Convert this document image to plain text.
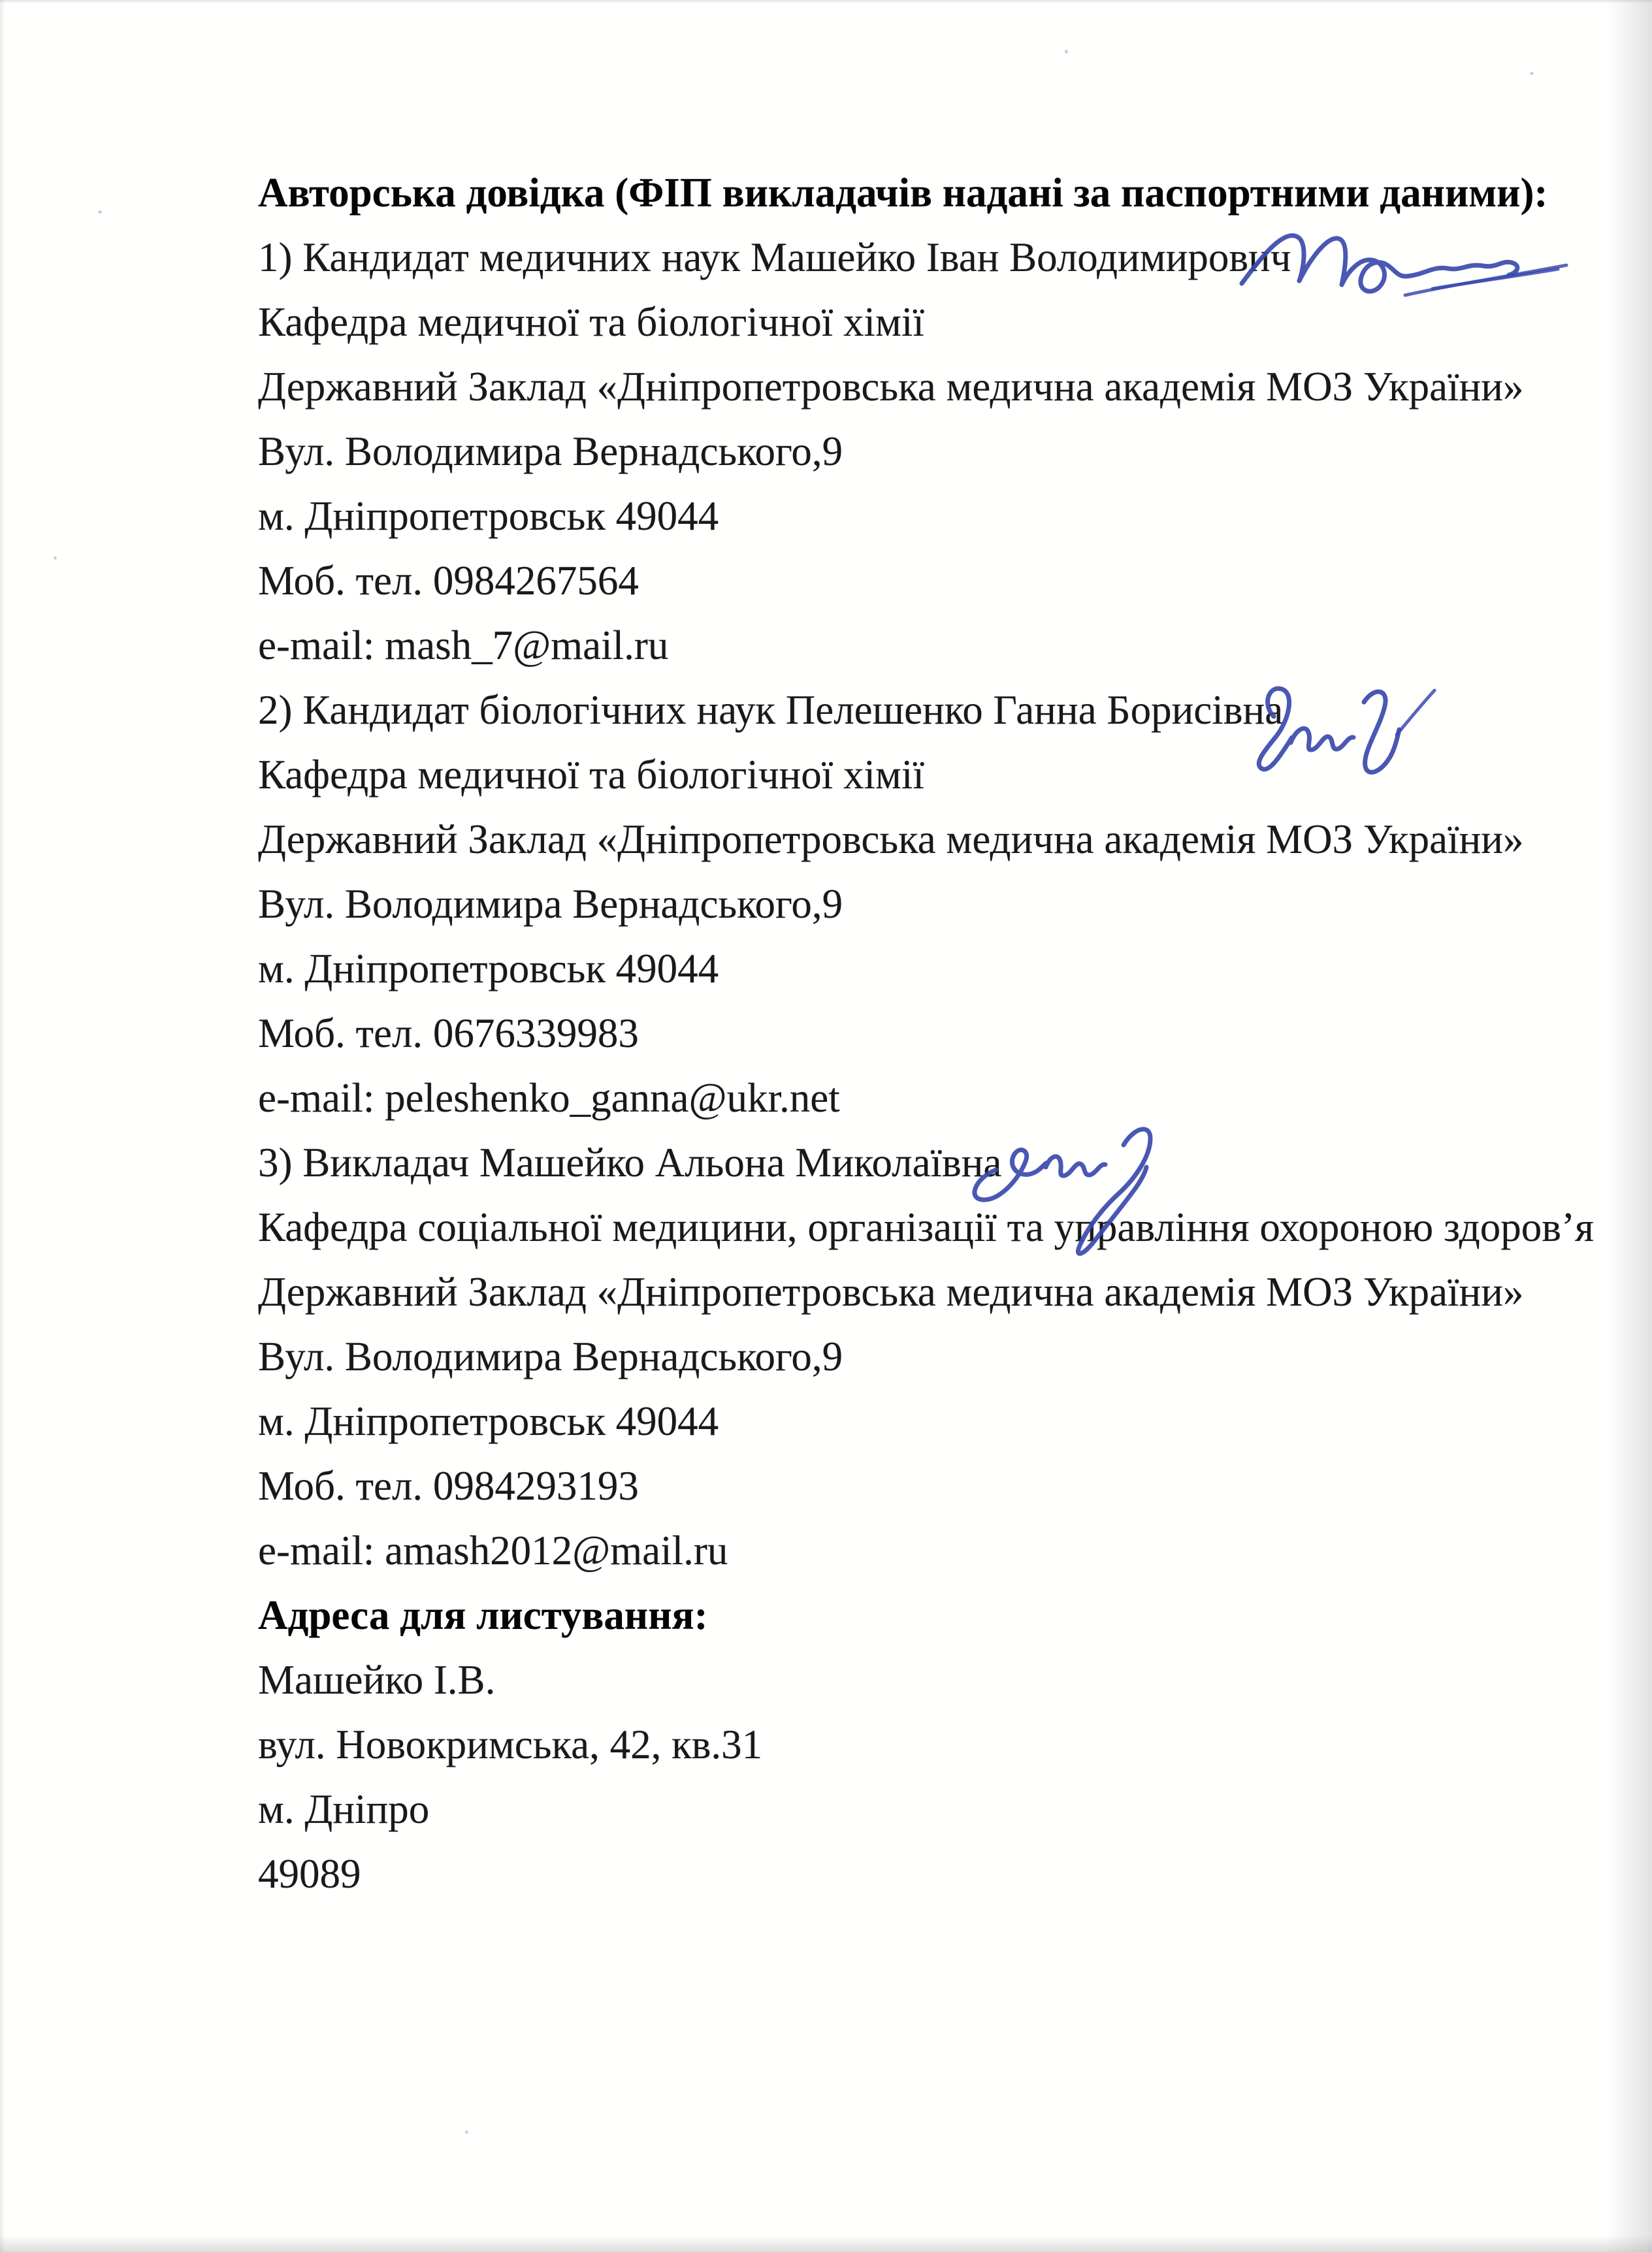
Авторська довідка (ФІП викладачів надані за паспортними даними):

1) Кандидат медичних наук Машейко Іван Володимирович

Кафедра медичної та біологічної хімії

Державний Заклад «Дніпропетровська медична академія МОЗ України»

Вул. Володимира Вернадського,9

м. Дніпропетровськ 49044

Моб. тел. 0984267564

e-mail: mash_7@mail.ru

2) Кандидат біологічних наук Пелешенко Ганна Борисівна

Кафедра медичної та біологічної хімії

Державний Заклад «Дніпропетровська медична академія МОЗ України»

Вул. Володимира Вернадського,9

м. Дніпропетровськ 49044

Моб. тел. 0676339983

e-mail: peleshenko_ganna@ukr.net

3) Викладач Машейко Альона Миколаївна

Кафедра соціальної медицини, організації та управління охороною здоров’я

Державний Заклад «Дніпропетровська медична академія МОЗ України»

Вул. Володимира Вернадського,9

м. Дніпропетровськ 49044

Моб. тел. 0984293193

e-mail: amash2012@mail.ru

Адреса для листування:

Машейко І.В.

вул. Новокримська, 42, кв.31

м. Дніпро

49089
